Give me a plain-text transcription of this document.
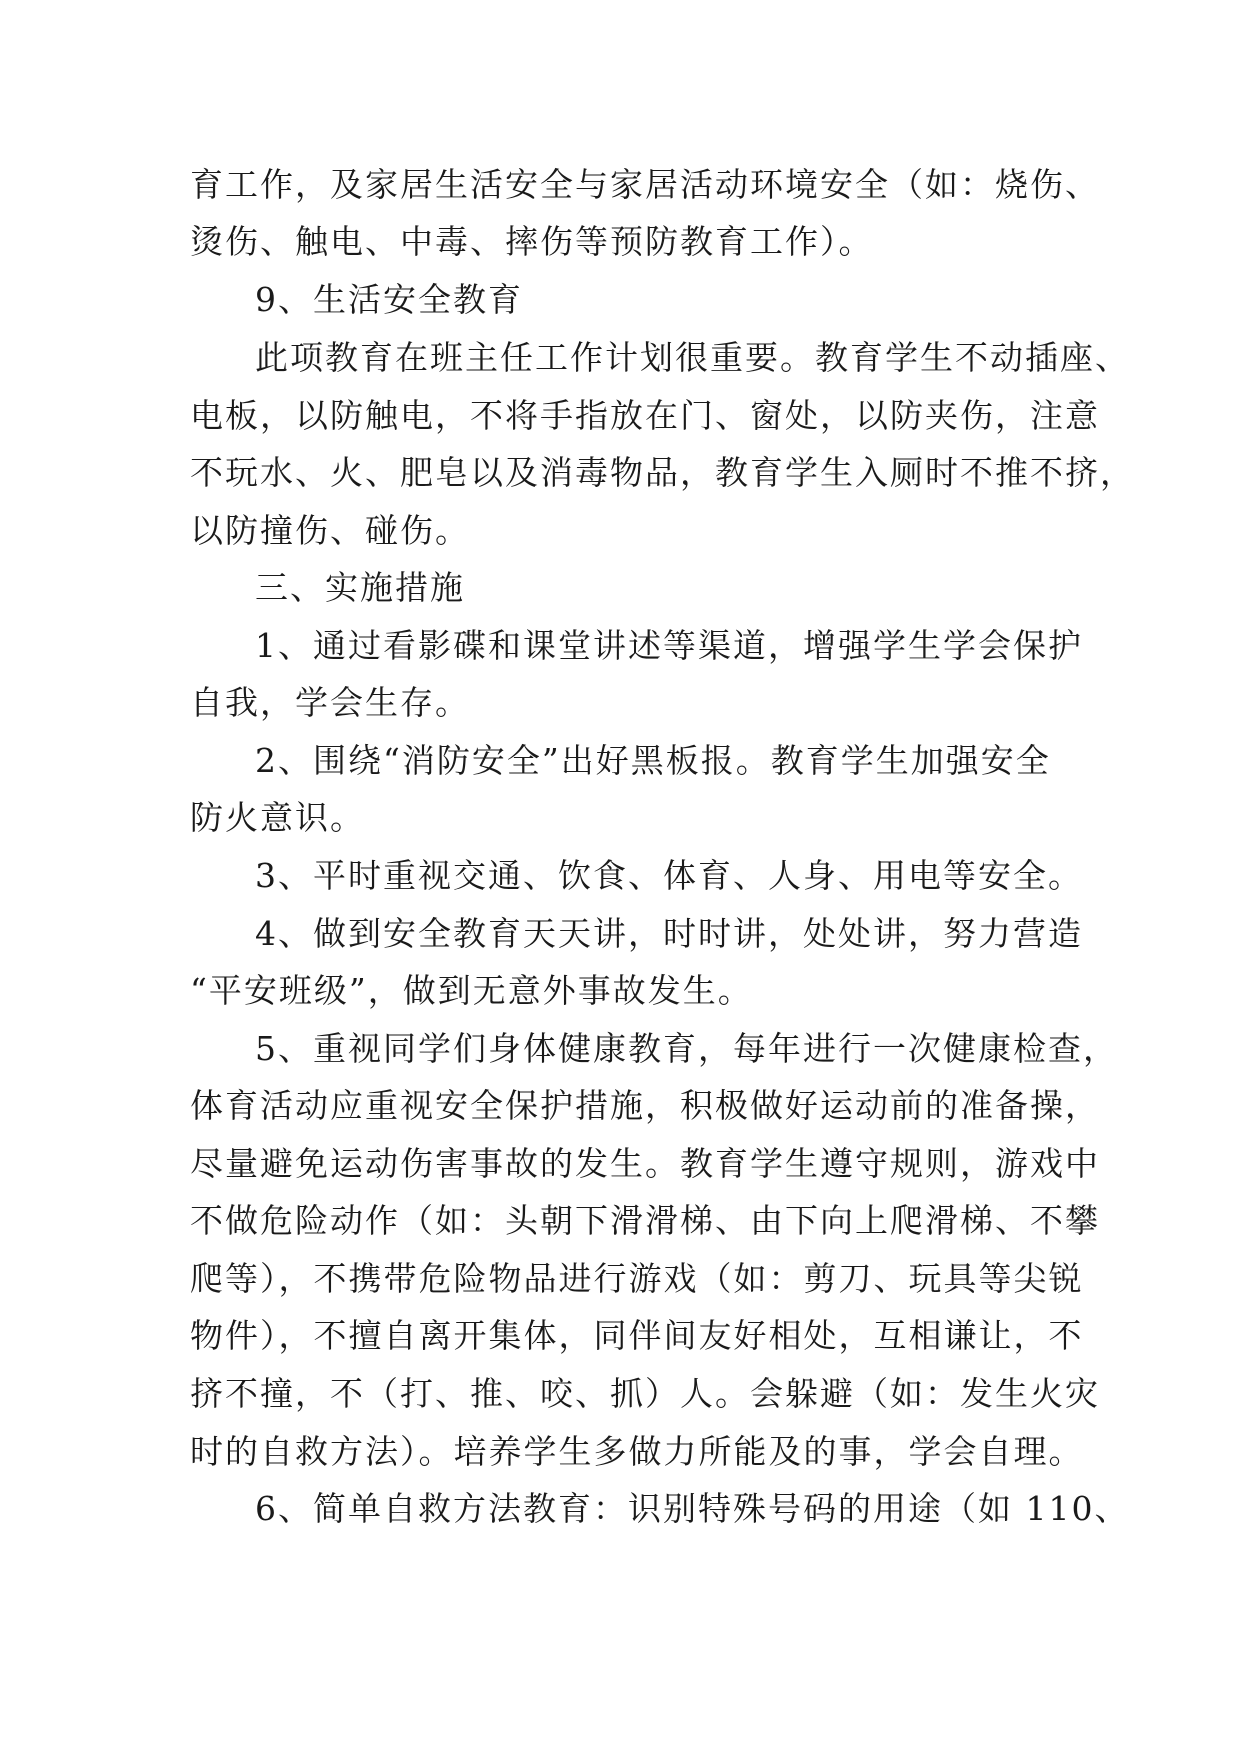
育工作，及家居生活安全与家居活动环境安全（如：烧伤、
烫伤、触电、中毒、摔伤等预防教育工作）。
9、生活安全教育
此项教育在班主任工作计划很重要。教育学生不动插座、
电板，以防触电，不将手指放在门、窗处，以防夹伤，注意
不玩水、火、肥皂以及消毒物品，教育学生入厕时不推不挤，
以防撞伤、碰伤。
三、实施措施
1、通过看影碟和课堂讲述等渠道，增强学生学会保护
自我，学会生存。
2、围绕“消防安全”出好黑板报。教育学生加强安全
防火意识。
3、平时重视交通、饮食、体育、人身、用电等安全。
4、做到安全教育天天讲，时时讲，处处讲，努力营造
“平安班级”，做到无意外事故发生。
5、重视同学们身体健康教育，每年进行一次健康检查，
体育活动应重视安全保护措施，积极做好运动前的准备操，
尽量避免运动伤害事故的发生。教育学生遵守规则，游戏中
不做危险动作（如：头朝下滑滑梯、由下向上爬滑梯、不攀
爬等），不携带危险物品进行游戏（如：剪刀、玩具等尖锐
物件），不擅自离开集体，同伴间友好相处，互相谦让，不
挤不撞，不（打、推、咬、抓）人。会躲避（如：发生火灾
时的自救方法）。培养学生多做力所能及的事，学会自理。
6、简单自救方法教育：识别特殊号码的用途（如 110、
